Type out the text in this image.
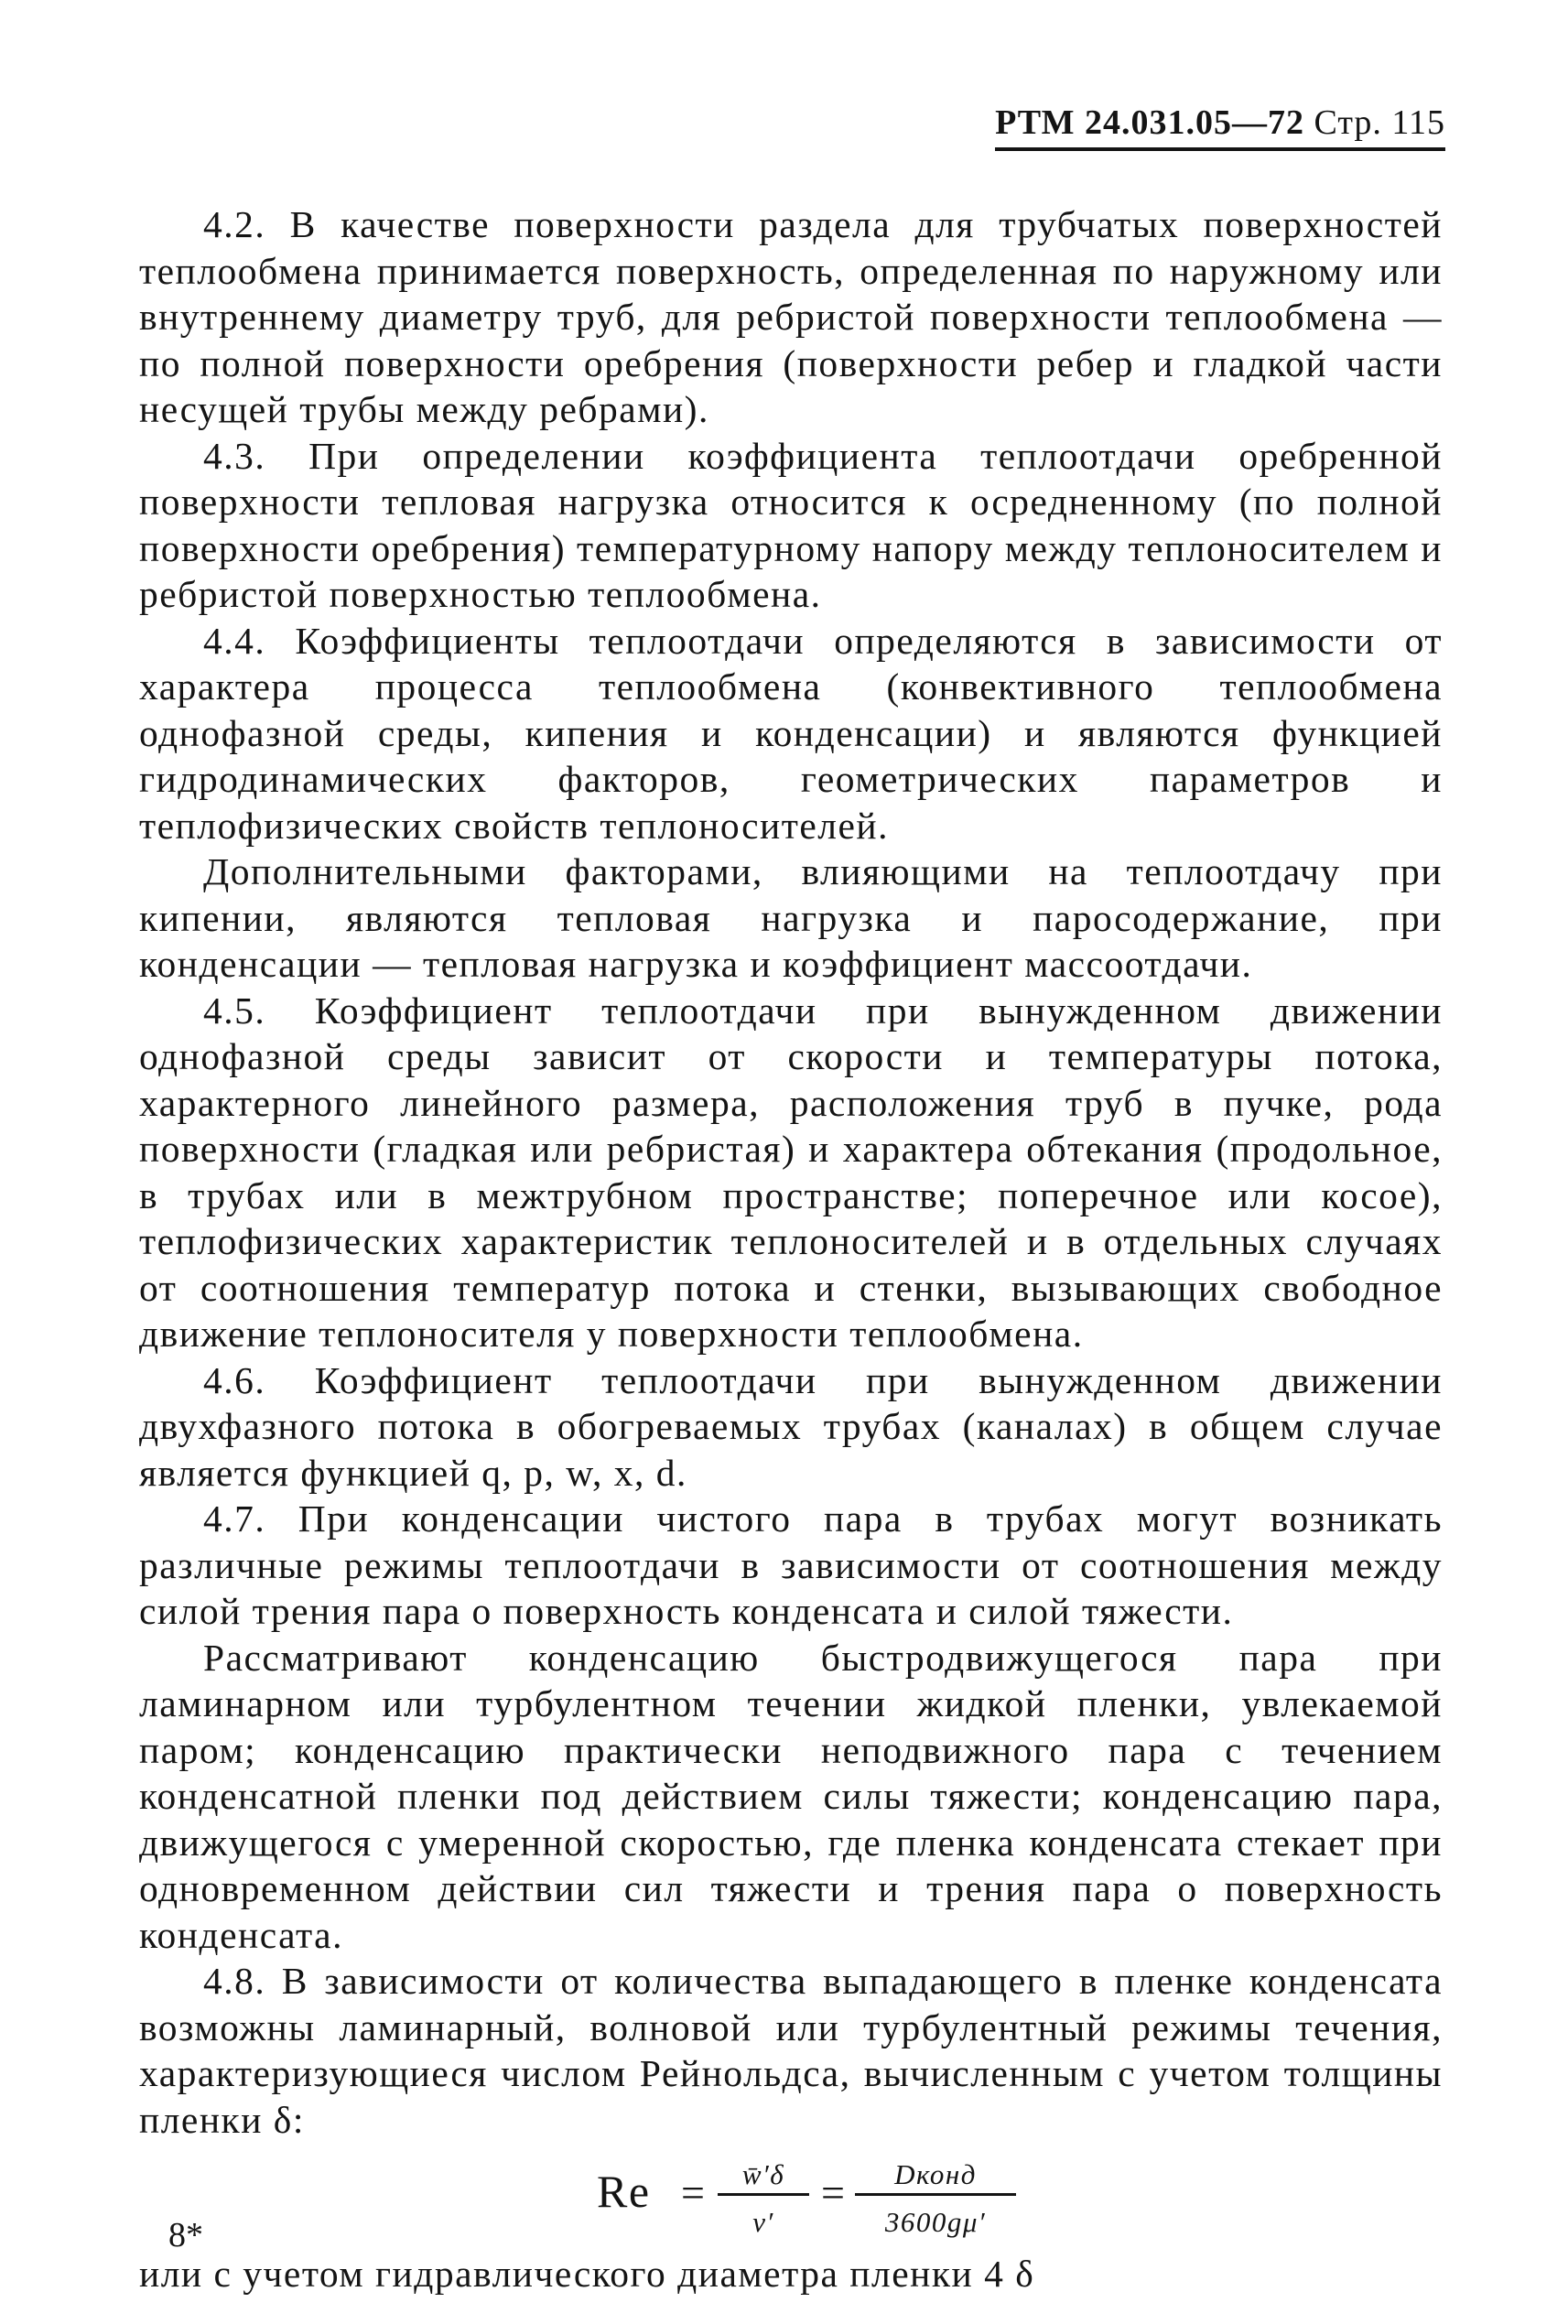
РТМ 24.031.05—72 Стр. 115

4.2. В качестве поверхности раздела для трубчатых поверхностей теплообмена принимается поверхность, определенная по наружному или внутреннему диаметру труб, для ребристой поверхности теплообмена — по полной поверхности оребрения (поверхности ребер и гладкой части несущей трубы между ребрами).

4.3. При определении коэффициента теплоотдачи оребренной поверхности тепловая нагрузка относится к осредненному (по полной поверхности оребрения) температурному напору между теплоносителем и ребристой поверхностью теплообмена.

4.4. Коэффициенты теплоотдачи определяются в зависимости от характера процесса теплообмена (конвективного теплообмена однофазной среды, кипения и конденсации) и являются функцией гидродинамических факторов, геометрических параметров и теплофизических свойств теплоносителей.

Дополнительными факторами, влияющими на теплоотдачу при кипении, являются тепловая нагрузка и паросодержание, при конденсации — тепловая нагрузка и коэффициент массоотдачи.

4.5. Коэффициент теплоотдачи при вынужденном движении однофазной среды зависит от скорости и температуры потока, характерного линейного размера, расположения труб в пучке, рода поверхности (гладкая или ребристая) и характера обтекания (продольное, в трубах или в межтрубном пространстве; поперечное или косое), теплофизических характеристик теплоносителей и в отдельных случаях от соотношения температур потока и стенки, вызывающих свободное движение теплоносителя у поверхности теплообмена.

4.6. Коэффициент теплоотдачи при вынужденном движении двухфазного потока в обогреваемых трубах (каналах) в общем случае является функцией q, p, w, x, d.

4.7. При конденсации чистого пара в трубах могут возникать различные режимы теплоотдачи в зависимости от соотношения между силой трения пара о поверхность конденсата и силой тяжести.

Рассматривают конденсацию быстродвижущегося пара при ламинарном или турбулентном течении жидкой пленки, увлекаемой паром; конденсацию практически неподвижного пара с течением конденсатной пленки под действием силы тяжести; конденсацию пара, движущегося с умеренной скоростью, где пленка конденсата стекает при одновременном действии сил тяжести и трения пара о поверхность конденсата.

4.8. В зависимости от количества выпадающего в пленке конденсата возможны ламинарный, волновой или турбулентный режимы течения, характеризующиеся числом Рейнольдса, вычисленным с учетом толщины пленки δ:

Re =	w̄′δ
ν′
=	Dконд
3600gμ′

или с учетом гидравлического диаметра пленки 4 δ

8*
